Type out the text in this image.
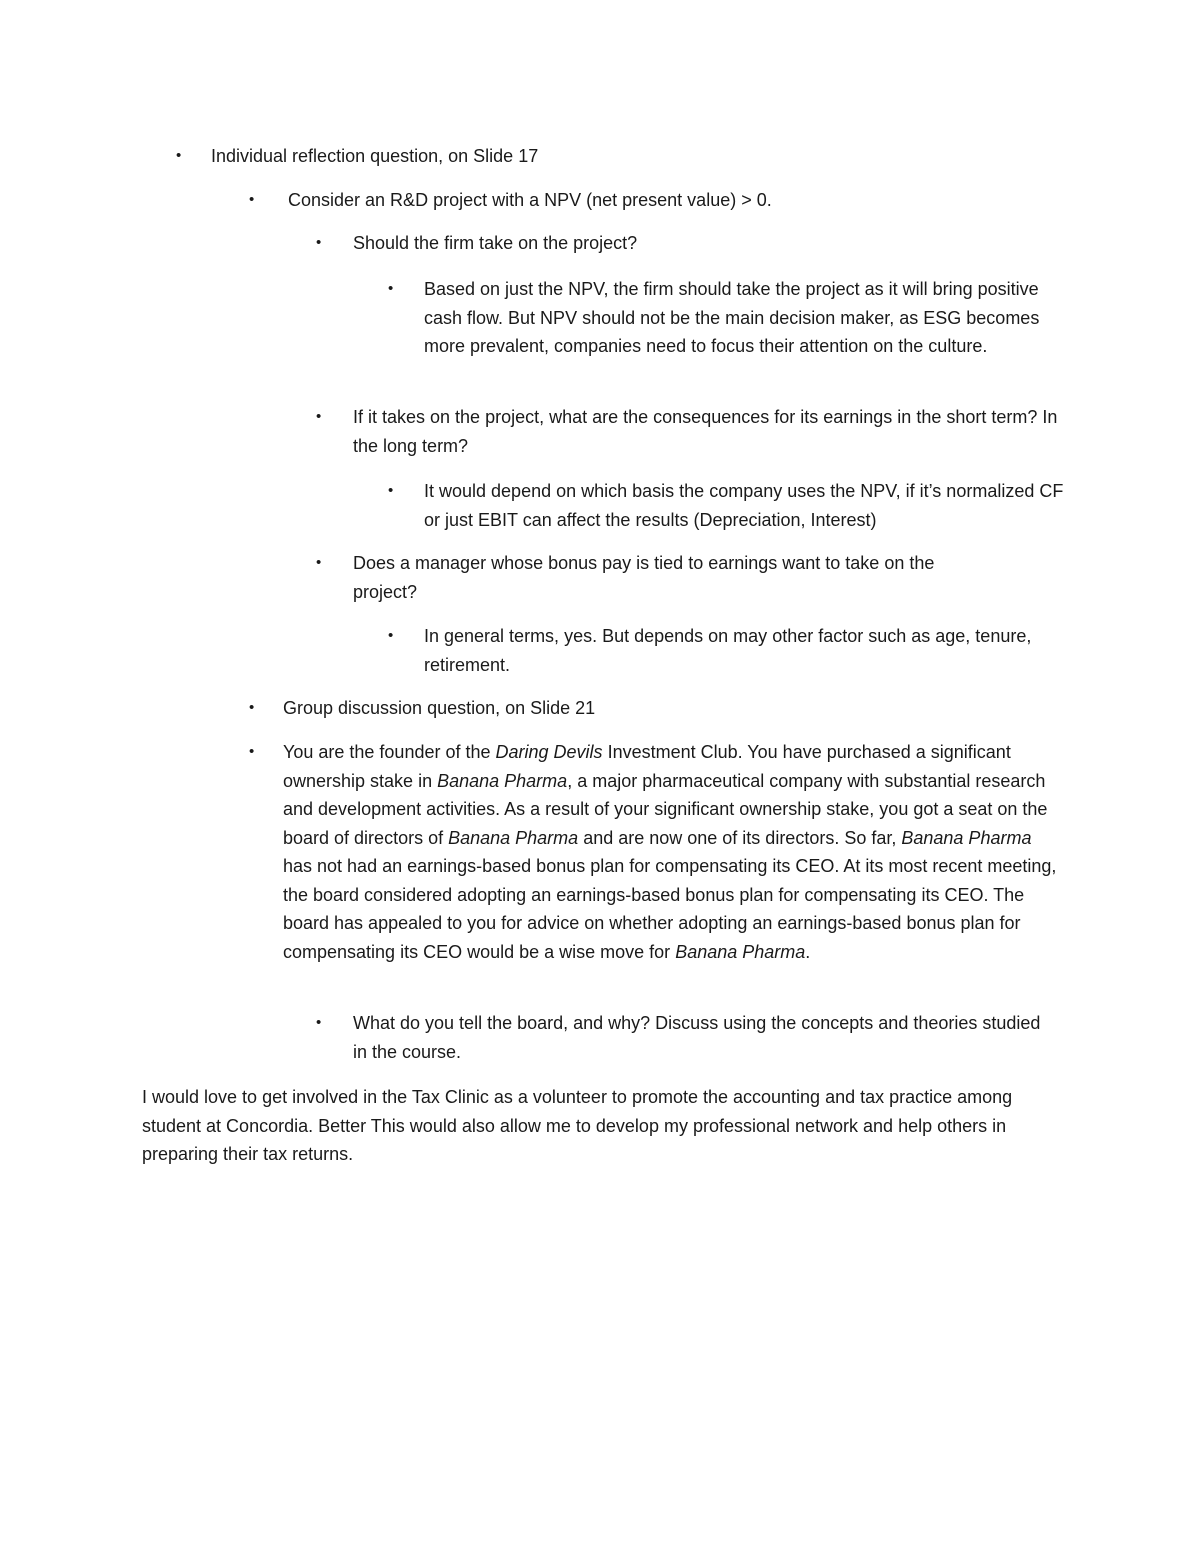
• Individual reflection question, on Slide 17

• Consider an R&D project with a NPV (net present value) > 0.

• Should the firm take on the project?

• Based on just the NPV, the firm should take the project as it will bring positive cash flow. But NPV should not be the main decision maker, as ESG becomes more prevalent, companies need to focus their attention on the culture.

• If it takes on the project, what are the consequences for its earnings in the short term? In the long term?

• It would depend on which basis the company uses the NPV, if it’s normalized CF or just EBIT can affect the results (Depreciation, Interest)

• Does a manager whose bonus pay is tied to earnings want to take on the project?

• In general terms, yes. But depends on may other factor such as age, tenure, retirement.

• Group discussion question, on Slide 21

• You are the founder of the Daring Devils Investment Club. You have purchased a significant ownership stake in Banana Pharma, a major pharmaceutical company with substantial research and development activities. As a result of your significant ownership stake, you got a seat on the board of directors of Banana Pharma and are now one of its directors. So far, Banana Pharma has not had an earnings-based bonus plan for compensating its CEO. At its most recent meeting, the board considered adopting an earnings-based bonus plan for compensating its CEO. The board has appealed to you for advice on whether adopting an earnings-based bonus plan for compensating its CEO would be a wise move for Banana Pharma.

• What do you tell the board, and why? Discuss using the concepts and theories studied in the course.

I would love to get involved in the Tax Clinic as a volunteer to promote the accounting and tax practice among student at Concordia. Better This would also allow me to develop my professional network and help others in preparing their tax returns.
